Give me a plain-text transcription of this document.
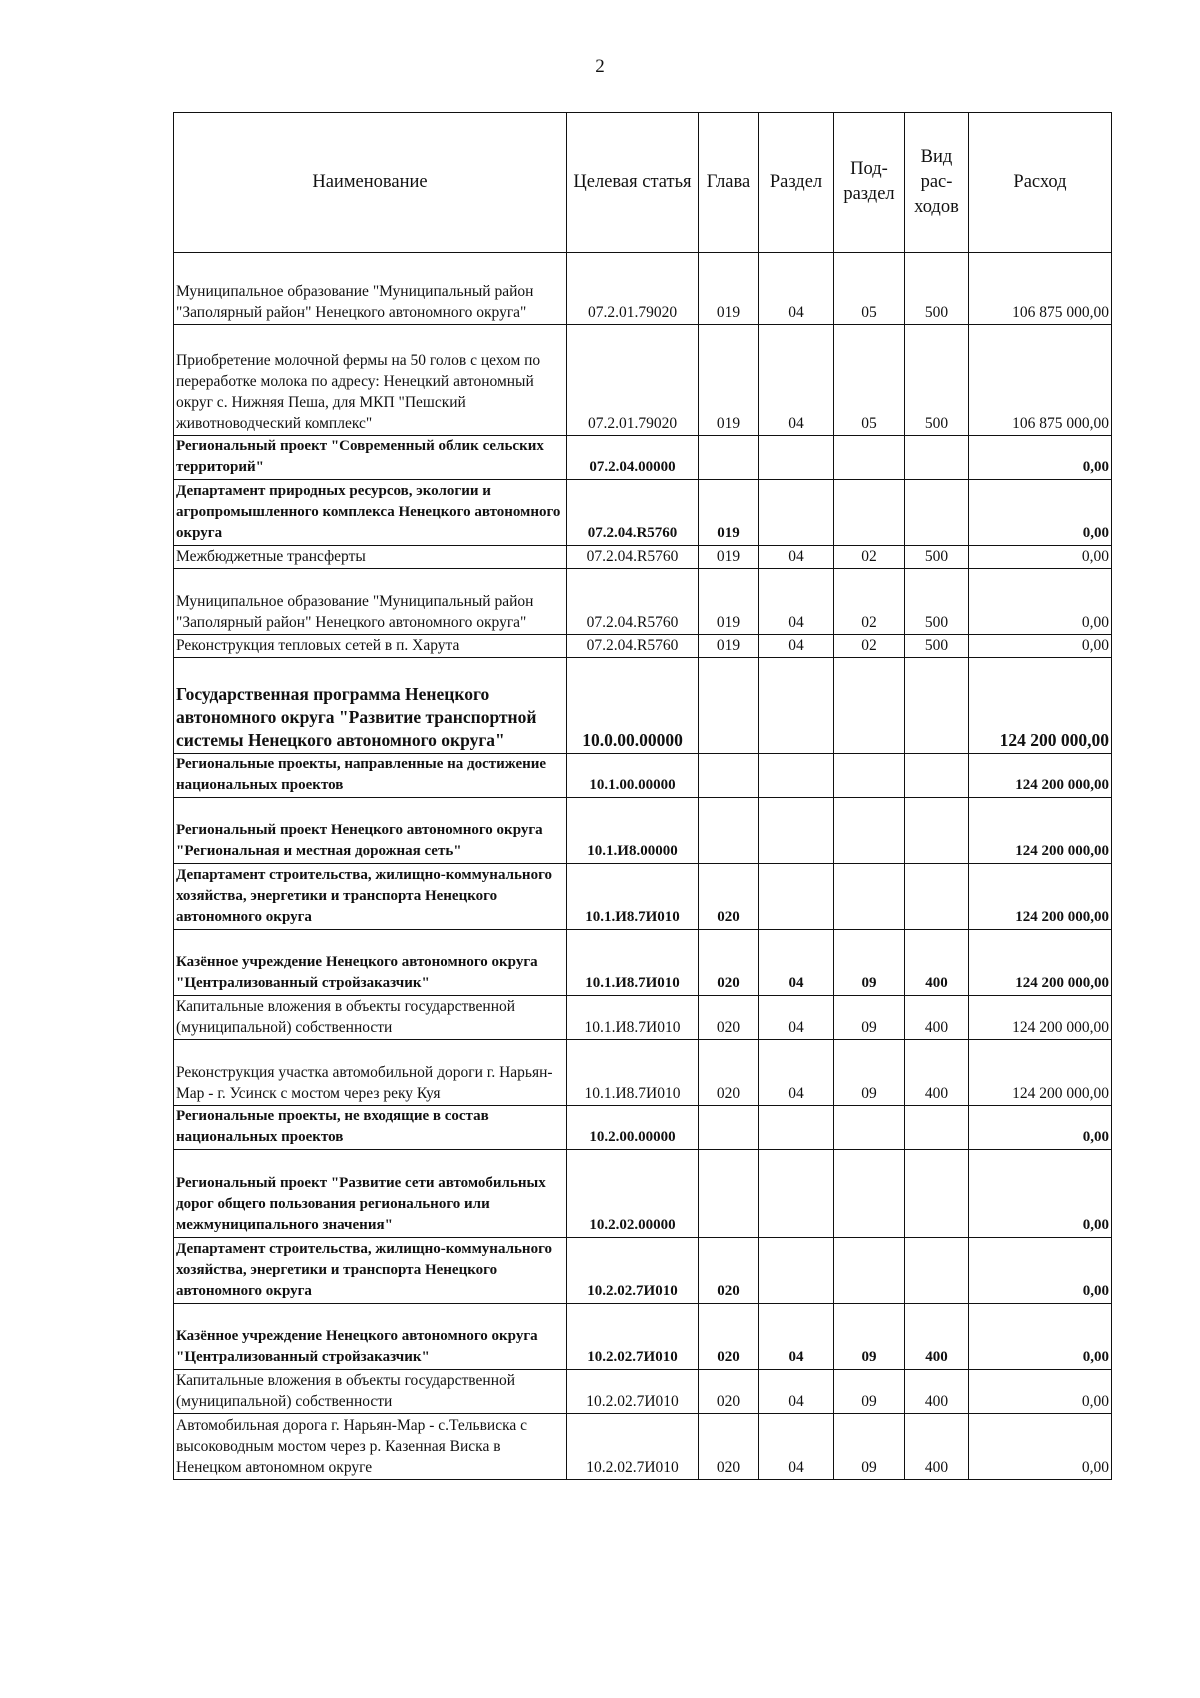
2
Наименование	Целевая статья	Глава	Раздел	Под-раздел	Вид рас-ходов	Расход
Муниципальное образование "Муниципальный район "Заполярный район" Ненецкого автономного округа"	07.2.01.79020	019	04	05	500	106 875 000,00
Приобретение молочной фермы на 50 голов с цехом по переработке молока по адресу: Ненецкий автономный округ с. Нижняя Пеша, для МКП "Пешский животноводческий комплекс"	07.2.01.79020	019	04	05	500	106 875 000,00
Региональный проект "Современный облик сельских территорий"	07.2.04.00000					0,00
Департамент природных ресурсов, экологии и агропромышленного комплекса Ненецкого автономного округа	07.2.04.R5760	019				0,00
Межбюджетные трансферты	07.2.04.R5760	019	04	02	500	0,00
Муниципальное образование "Муниципальный район "Заполярный район" Ненецкого автономного округа"	07.2.04.R5760	019	04	02	500	0,00
Реконструкция тепловых сетей в п. Харута	07.2.04.R5760	019	04	02	500	0,00
Государственная программа Ненецкого автономного округа "Развитие транспортной системы Ненецкого автономного округа"	10.0.00.00000					124 200 000,00
Региональные проекты, направленные на достижение национальных проектов	10.1.00.00000					124 200 000,00
Региональный проект Ненецкого автономного округа "Региональная и местная дорожная сеть"	10.1.И8.00000					124 200 000,00
Департамент строительства, жилищно-коммунального хозяйства, энергетики и транспорта Ненецкого автономного округа	10.1.И8.7И010	020				124 200 000,00
Казённое учреждение Ненецкого автономного округа "Централизованный стройзаказчик"	10.1.И8.7И010	020	04	09	400	124 200 000,00
Капитальные вложения в объекты государственной (муниципальной) собственности	10.1.И8.7И010	020	04	09	400	124 200 000,00
Реконструкция участка автомобильной дороги г. Нарьян-Мар - г. Усинск с мостом через реку Куя	10.1.И8.7И010	020	04	09	400	124 200 000,00
Региональные проекты, не входящие в состав национальных проектов	10.2.00.00000					0,00
Региональный проект "Развитие сети автомобильных дорог общего пользования регионального или межмуниципального значения"	10.2.02.00000					0,00
Департамент строительства, жилищно-коммунального хозяйства, энергетики и транспорта Ненецкого автономного округа	10.2.02.7И010	020				0,00
Казённое учреждение Ненецкого автономного округа "Централизованный стройзаказчик"	10.2.02.7И010	020	04	09	400	0,00
Капитальные вложения в объекты государственной (муниципальной) собственности	10.2.02.7И010	020	04	09	400	0,00
Автомобильная дорога г. Нарьян-Мар - с.Тельвиска с высоководным мостом через р. Казенная Виска в Ненецком автономном округе	10.2.02.7И010	020	04	09	400	0,00
